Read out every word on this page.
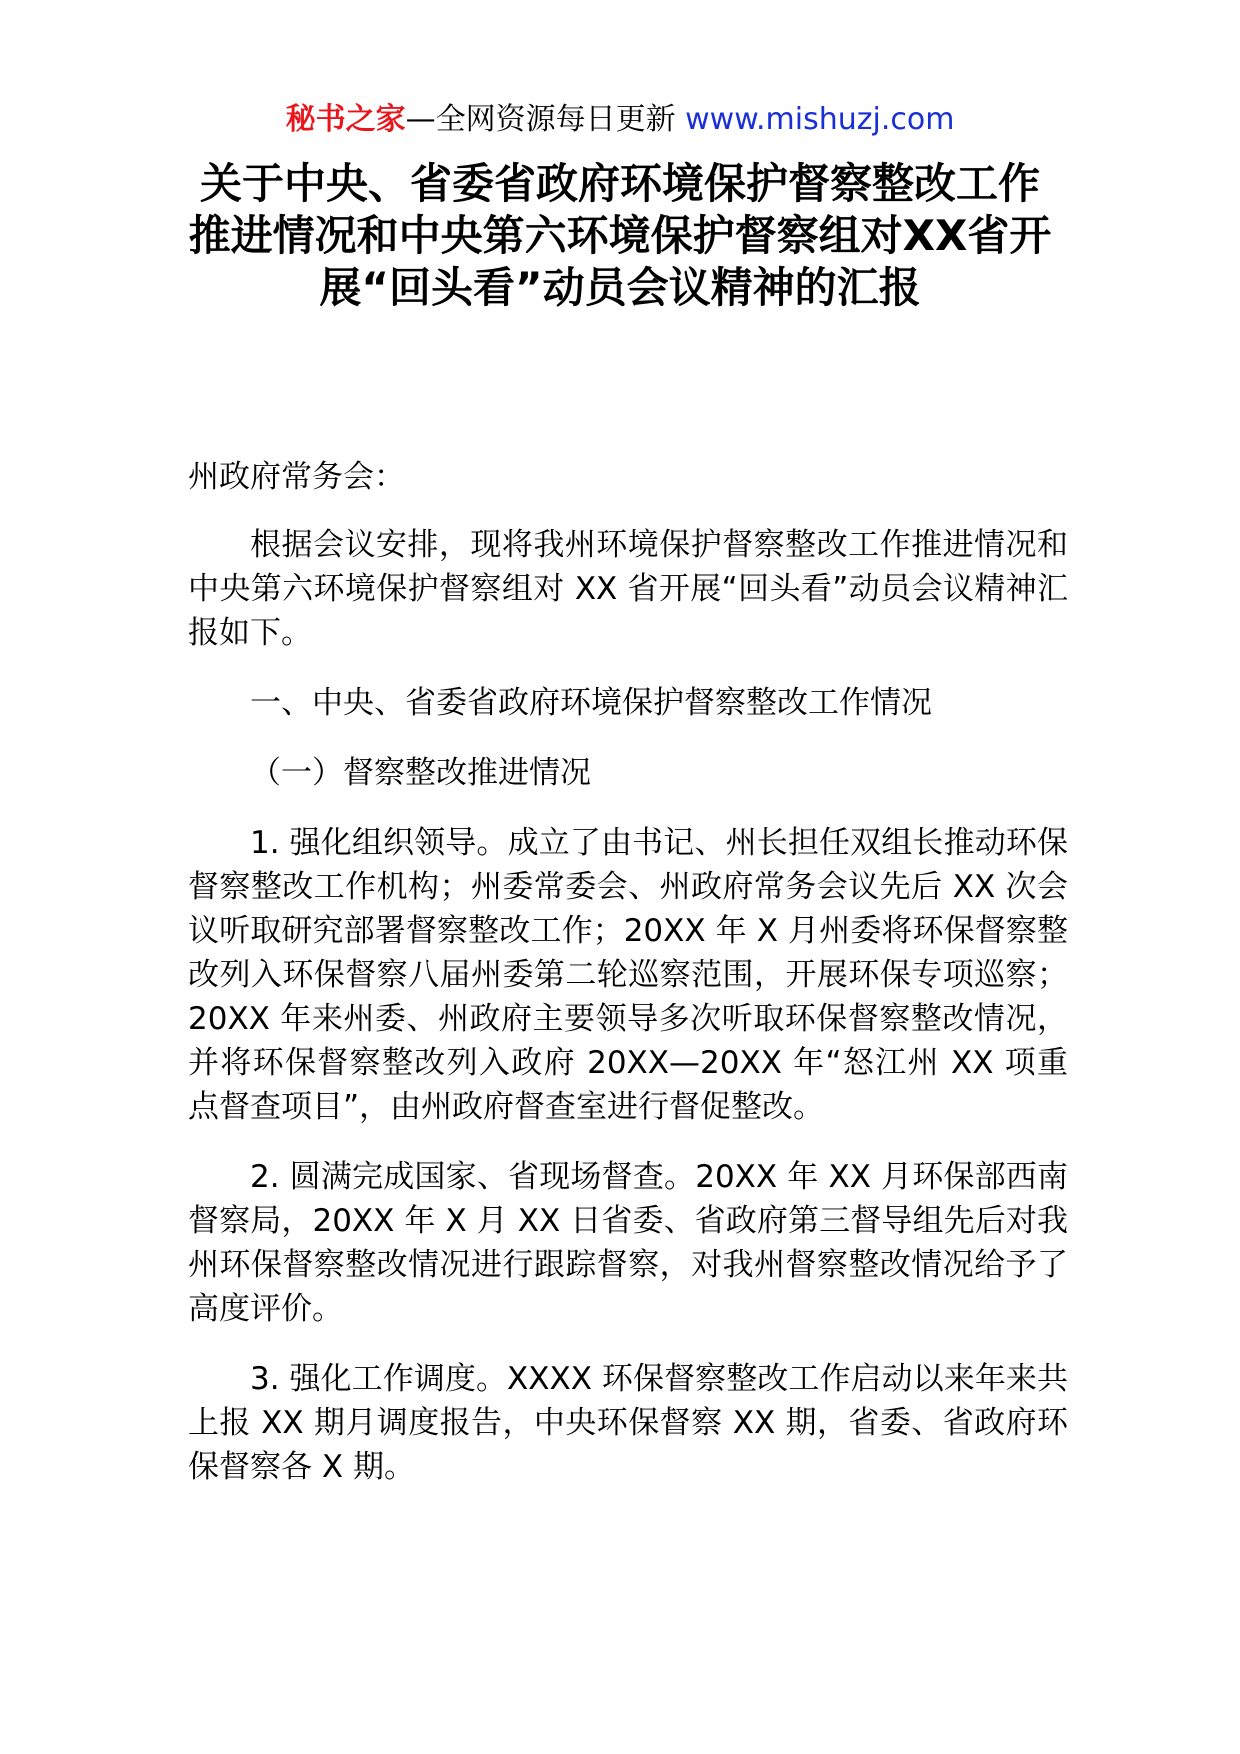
秘书之家—全网资源每日更新 www.mishuzj.com
关于中央、省委省政府环境保护督察整改工作推进情况和中央第六环境保护督察组对XX省开展“回头看”动员会议精神的汇报

州政府常务会：

根据会议安排，现将我州环境保护督察整改工作推进情况和中央第六环境保护督察组对 XX 省开展“回头看”动员会议精神汇报如下。

一、中央、省委省政府环境保护督察整改工作情况

（一）督察整改推进情况

1. 强化组织领导。成立了由书记、州长担任双组长推动环保督察整改工作机构；州委常委会、州政府常务会议先后 XX 次会议听取研究部署督察整改工作；20XX 年 X 月州委将环保督察整改列入环保督察八届州委第二轮巡察范围，开展环保专项巡察；20XX 年来州委、州政府主要领导多次听取环保督察整改情况，并将环保督察整改列入政府 20XX—20XX 年“怒江州 XX 项重点督查项目”，由州政府督查室进行督促整改。

2. 圆满完成国家、省现场督查。20XX 年 XX 月环保部西南督察局，20XX 年 X 月 XX 日省委、省政府第三督导组先后对我州环保督察整改情况进行跟踪督察，对我州督察整改情况给予了高度评价。

3. 强化工作调度。XXXX 环保督察整改工作启动以来年来共上报 XX 期月调度报告，中央环保督察 XX 期，省委、省政府环保督察各 X 期。
